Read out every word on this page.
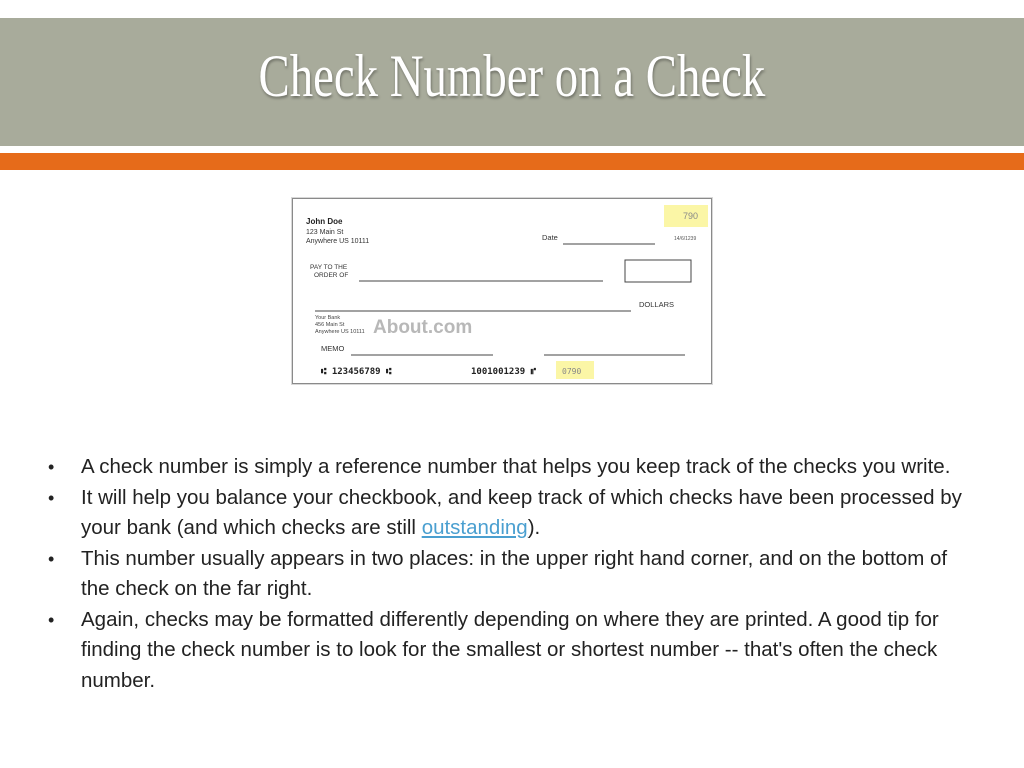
Check Number on a Check
John Doe
123 Main St
Anywhere US 10111
790
Date	14/6/1239
PAY TO THE
ORDER OF
DOLLARS
About.com
Your Bank
456 Main St
Anywhere US 10111
MEMO
⑆ 123456789 ⑆	1001001239 ⑈	0790
• A check number is simply a reference number that helps you keep track of the checks you write.
• It will help you balance your checkbook, and keep track of which checks have been processed by your bank (and which checks are still outstanding).
• This number usually appears in two places: in the upper right hand corner, and on the bottom of the check on the far right.
• Again, checks may be formatted differently depending on where they are printed. A good tip for finding the check number is to look for the smallest or shortest number -- that's often the check number.
